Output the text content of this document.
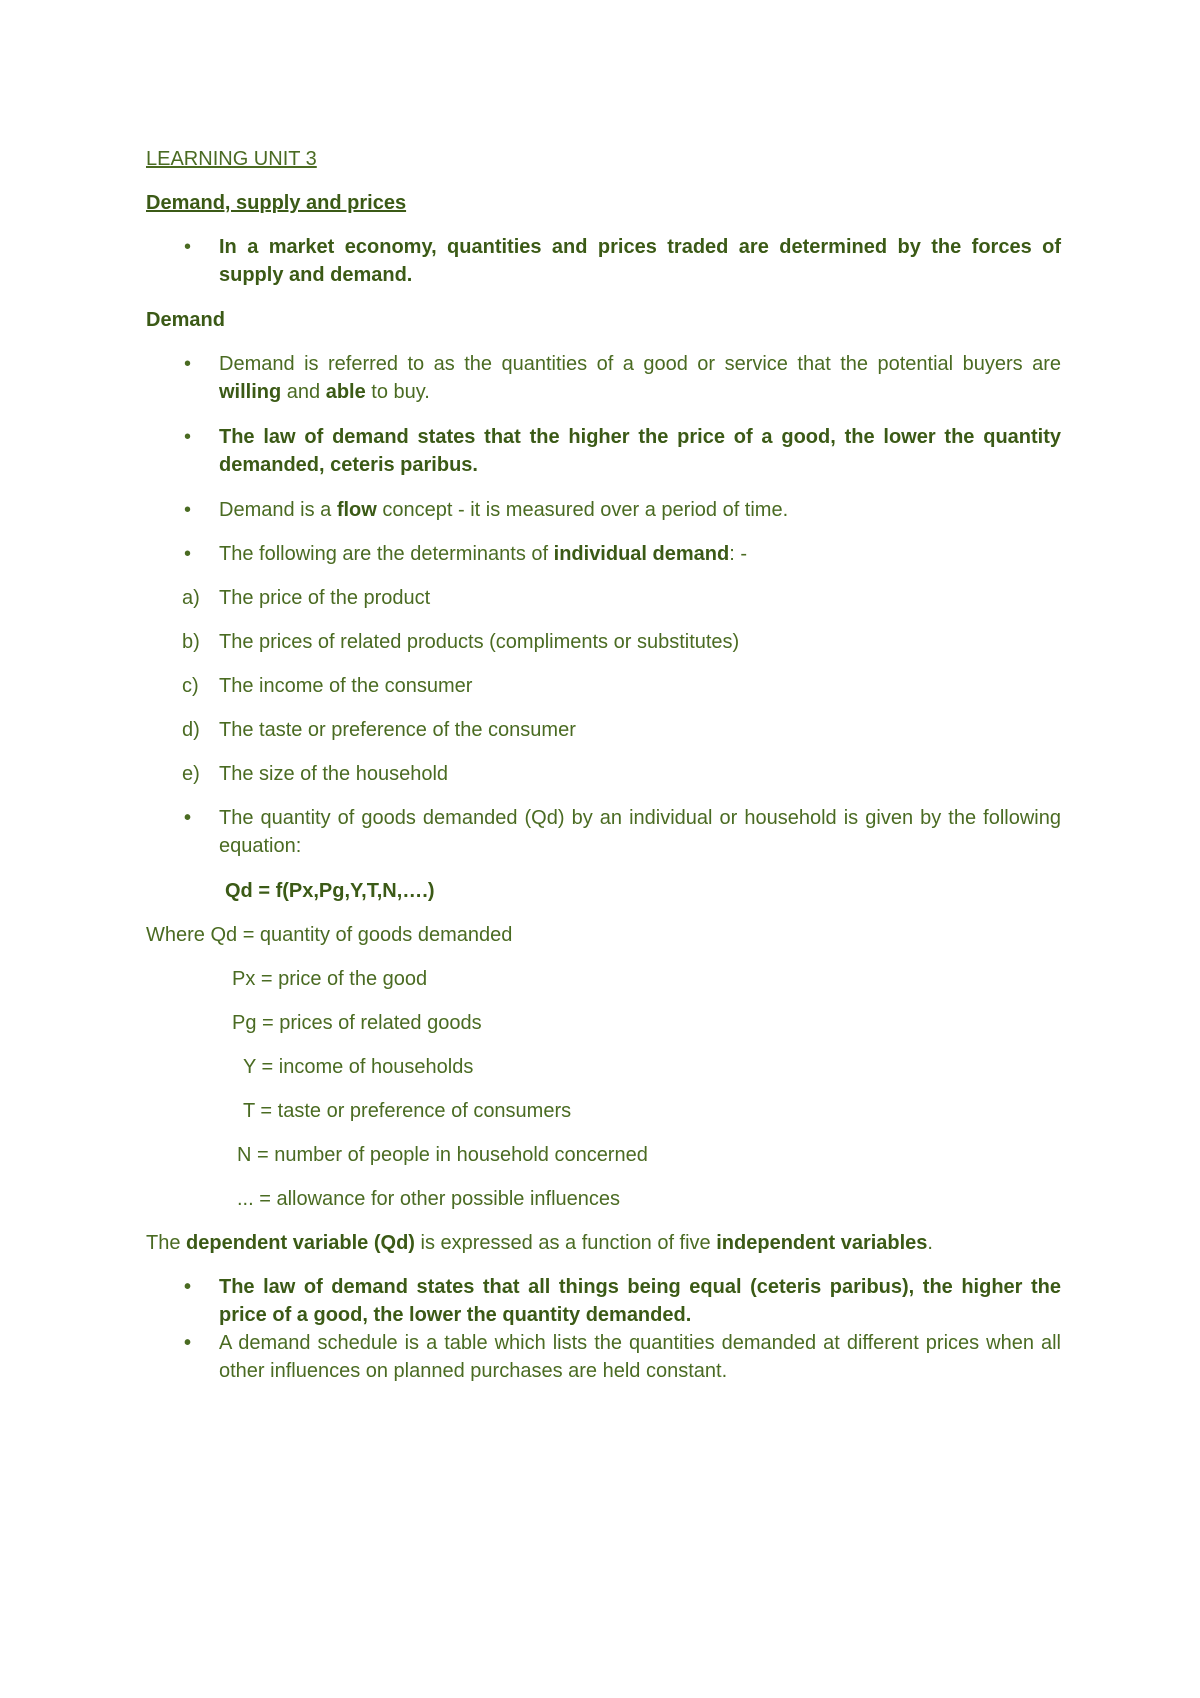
LEARNING UNIT 3
Demand, supply and prices
• In a market economy, quantities and prices traded are determined by the forces of supply and demand.
Demand
• Demand is referred to as the quantities of a good or service that the potential buyers are willing and able to buy.
• The law of demand states that the higher the price of a good, the lower the quantity demanded, ceteris paribus.
• Demand is a flow concept - it is measured over a period of time.
• The following are the determinants of individual demand: -
a) The price of the product
b) The prices of related products (compliments or substitutes)
c) The income of the consumer
d) The taste or preference of the consumer
e) The size of the household
• The quantity of goods demanded (Qd) by an individual or household is given by the following equation:
Qd = f(Px,Pg,Y,T,N,….)
Where Qd = quantity of goods demanded
Px = price of the good
Pg = prices of related goods
Y = income of households
T = taste or preference of consumers
N = number of people in household concerned
... = allowance for other possible influences
The dependent variable (Qd) is expressed as a function of five independent variables.
• The law of demand states that all things being equal (ceteris paribus), the higher the price of a good, the lower the quantity demanded.
• A demand schedule is a table which lists the quantities demanded at different prices when all other influences on planned purchases are held constant.
